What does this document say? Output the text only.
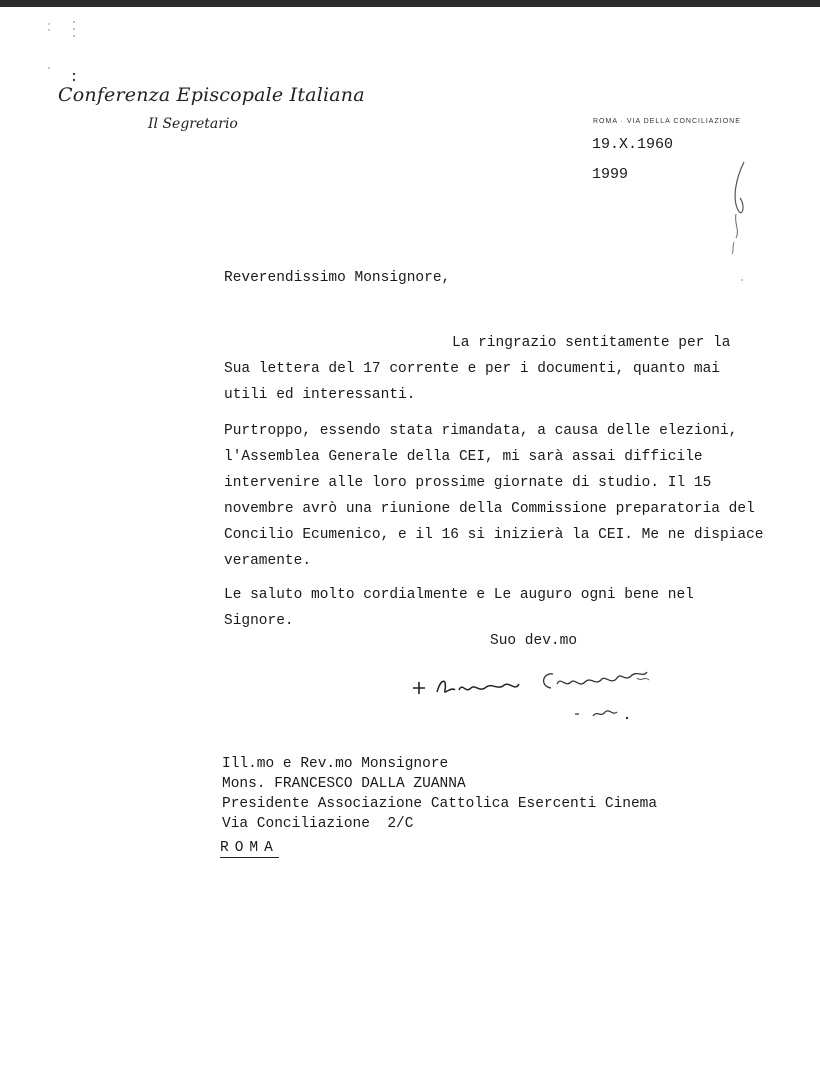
Conferenza Episcopale Italiana
Il Segretario	ROMA · VIA DELLA CONCILIAZIONE
19.X.1960
1999
Reverendissimo Monsignore,

La ringrazio sentitamente per la Sua lettera del 17 corrente e per i documenti, quanto mai utili ed interessanti.

Purtroppo, essendo stata rimandata, a causa delle elezioni, l'Assemblea Generale della CEI, mi sarà assai difficile intervenire alle loro prossime giornate di studio. Il 15 novembre avrò una riunione della Commissione preparatoria del Concilio Ecumenico, e il 16 si inizierà la CEI. Me ne dispiace veramente.

Le saluto molto cordialmente e Le auguro ogni bene nel Signore.

Suo dev.mo
Ill.mo e Rev.mo Monsignore
Mons. FRANCESCO DALLA ZUANNA
Presidente Associazione Cattolica Esercenti Cinema
Via Conciliazione  2/C
ROMA
